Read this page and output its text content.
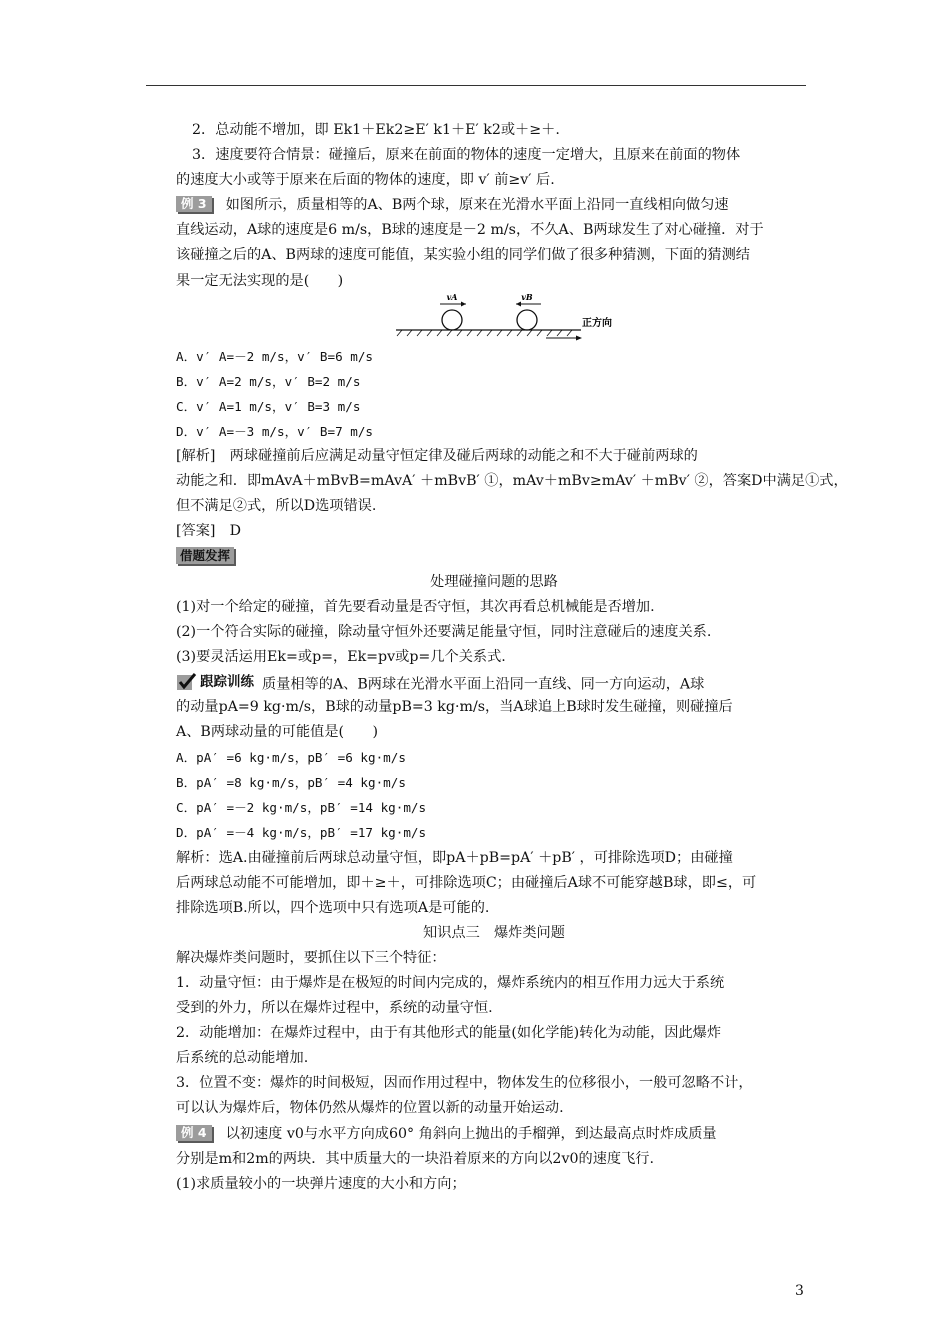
2．总动能不增加，即 Ek1＋Ek2≥E′ k1＋E′ k2或＋≥＋.
3．速度要符合情景：碰撞后，原来在前面的物体的速度一定增大，且原来在前面的物体
的速度大小或等于原来在后面的物体的速度，即 v′ 前≥v′ 后.
例 3 如图所示，质量相等的A、B两个球，原来在光滑水平面上沿同一直线相向做匀速
直线运动，A球的速度是6 m/s，B球的速度是－2 m/s，不久A、B两球发生了对心碰撞．对于
该碰撞之后的A、B两球的速度可能值，某实验小组的同学们做了很多种猜测，下面的猜测结
果一定无法实现的是(　　)
vA	vB
正方向
A．v′ A=－2 m/s，v′ B=6 m/s
B．v′ A=2 m/s，v′ B=2 m/s
C．v′ A=1 m/s，v′ B=3 m/s
D．v′ A=－3 m/s，v′ B=7 m/s
[解析]　两球碰撞前后应满足动量守恒定律及碰后两球的动能之和不大于碰前两球的
动能之和．即mAvA＋mBvB=mAvA′ ＋mBvB′ ①，mAv＋mBv≥mAv′ ＋mBv′ ②，答案D中满足①式，
但不满足②式，所以D选项错误.
[答案]　D
借题发挥
处理碰撞问题的思路
(1)对一个给定的碰撞，首先要看动量是否守恒，其次再看总机械能是否增加.
(2)一个符合实际的碰撞，除动量守恒外还要满足能量守恒，同时注意碰后的速度关系.
(3)要灵活运用Ek=或p=，Ek=pv或p=几个关系式.
跟踪训练 质量相等的A、B两球在光滑水平面上沿同一直线、同一方向运动，A球
的动量pA=9 kg·m/s，B球的动量pB=3 kg·m/s，当A球追上B球时发生碰撞，则碰撞后
A、B两球动量的可能值是(　　)
A．pA′ =6 kg·m/s，pB′ =6 kg·m/s
B．pA′ =8 kg·m/s，pB′ =4 kg·m/s
C．pA′ =－2 kg·m/s，pB′ =14 kg·m/s
D．pA′ =－4 kg·m/s，pB′ =17 kg·m/s
解析：选A.由碰撞前后两球总动量守恒，即pA＋pB=pA′ ＋pB′ ，可排除选项D；由碰撞
后两球总动能不可能增加，即＋≥＋，可排除选项C；由碰撞后A球不可能穿越B球，即≤，可
排除选项B.所以，四个选项中只有选项A是可能的.
知识点三　爆炸类问题
解决爆炸类问题时，要抓住以下三个特征：
1．动量守恒：由于爆炸是在极短的时间内完成的，爆炸系统内的相互作用力远大于系统
受到的外力，所以在爆炸过程中，系统的动量守恒.
2．动能增加：在爆炸过程中，由于有其他形式的能量(如化学能)转化为动能，因此爆炸
后系统的总动能增加.
3．位置不变：爆炸的时间极短，因而作用过程中，物体发生的位移很小，一般可忽略不计，
可以认为爆炸后，物体仍然从爆炸的位置以新的动量开始运动.
例 4 以初速度 v0与水平方向成60° 角斜向上抛出的手榴弹，到达最高点时炸成质量
分别是m和2m的两块．其中质量大的一块沿着原来的方向以2v0的速度飞行.
(1)求质量较小的一块弹片速度的大小和方向；
3
